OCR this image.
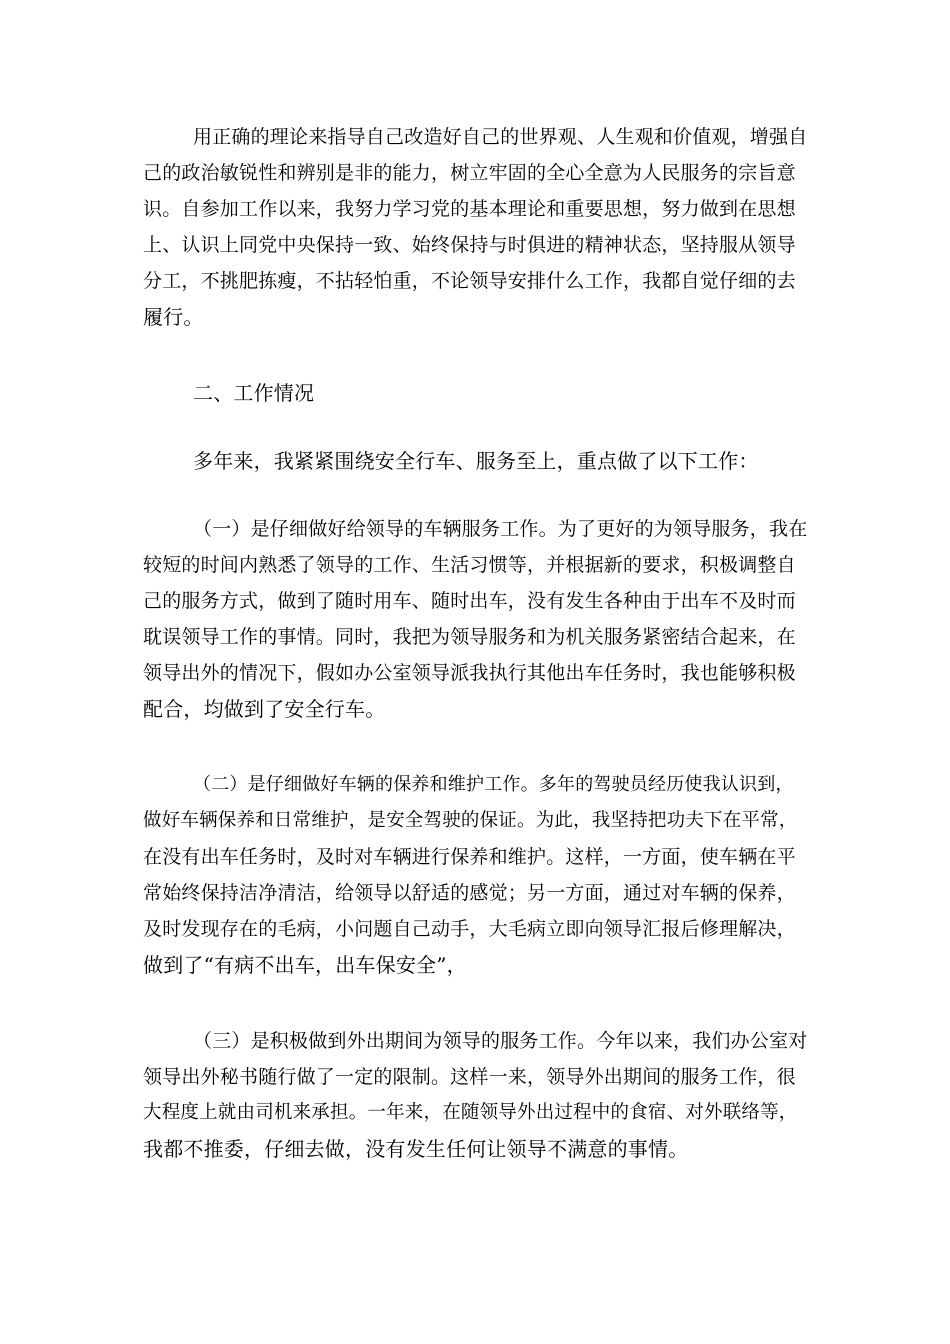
用正确的理论来指导自己改造好自己的世界观、人生观和价值观，增强自
己的政治敏锐性和辨别是非的能力，树立牢固的全心全意为人民服务的宗旨意
识。自参加工作以来，我努力学习党的基本理论和重要思想，努力做到在思想
上、认识上同党中央保持一致、始终保持与时俱进的精神状态，坚持服从领导
分工，不挑肥拣瘦，不拈轻怕重，不论领导安排什么工作，我都自觉仔细的去
履行。
二、工作情况
多年来，我紧紧围绕安全行车、服务至上，重点做了以下工作：
（一）是仔细做好给领导的车辆服务工作。为了更好的为领导服务，我在
较短的时间内熟悉了领导的工作、生活习惯等，并根据新的要求，积极调整自
己的服务方式，做到了随时用车、随时出车，没有发生各种由于出车不及时而
耽误领导工作的事情。同时，我把为领导服务和为机关服务紧密结合起来，在
领导出外的情况下，假如办公室领导派我执行其他出车任务时，我也能够积极
配合，均做到了安全行车。
（二）是仔细做好车辆的保养和维护工作。多年的驾驶员经历使我认识到，
做好车辆保养和日常维护，是安全驾驶的保证。为此，我坚持把功夫下在平常，
在没有出车任务时，及时对车辆进行保养和维护。这样，一方面，使车辆在平
常始终保持洁净清洁，给领导以舒适的感觉；另一方面，通过对车辆的保养，
及时发现存在的毛病，小问题自己动手，大毛病立即向领导汇报后修理解决，
做到了“有病不出车，出车保安全”，
（三）是积极做到外出期间为领导的服务工作。今年以来，我们办公室对
领导出外秘书随行做了一定的限制。这样一来，领导外出期间的服务工作，很
大程度上就由司机来承担。一年来，在随领导外出过程中的食宿、对外联络等，
我都不推委，仔细去做，没有发生任何让领导不满意的事情。
